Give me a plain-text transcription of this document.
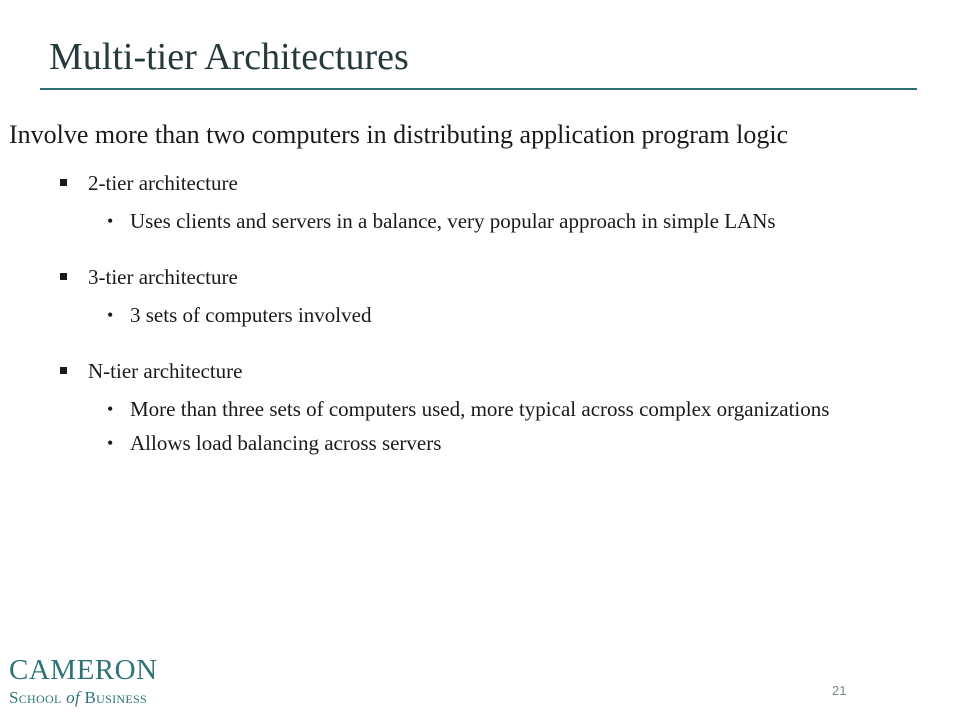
Multi-tier Architectures

Involve more than two computers in distributing application program logic

2-tier architecture

• Uses clients and servers in a balance, very popular approach in simple LANs

3-tier architecture

• 3 sets of computers involved

N-tier architecture

• More than three sets of computers used, more typical across complex organizations

• Allows load balancing across servers

CAMERON
School of Business	21
